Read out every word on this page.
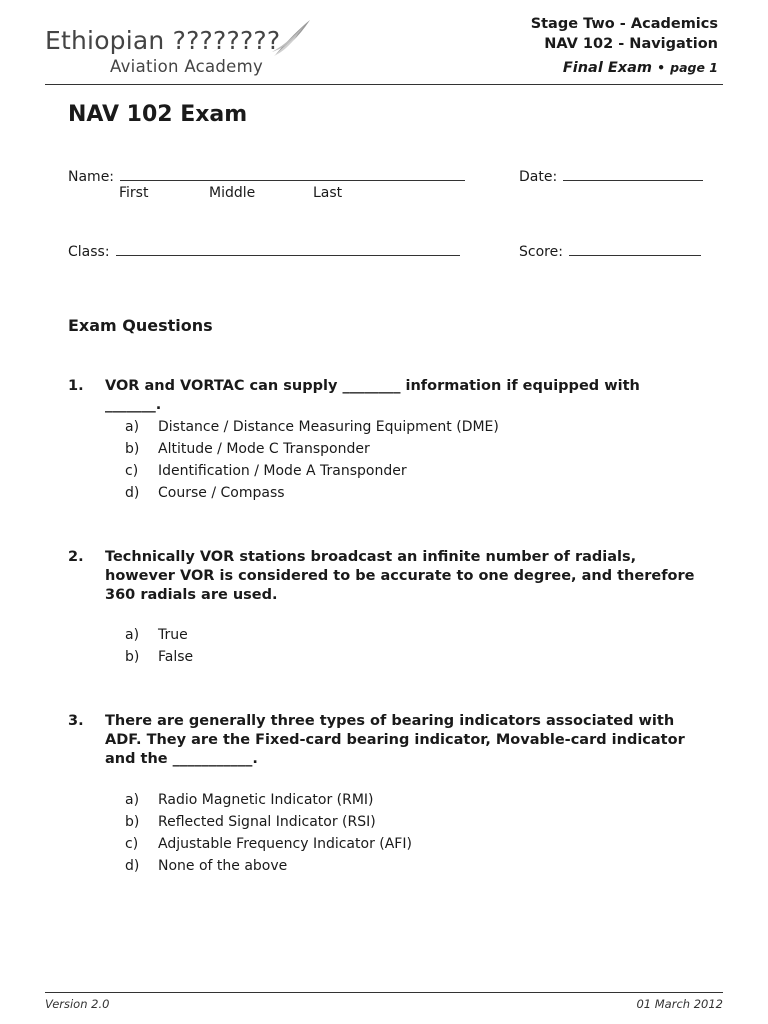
Ethiopian ????????
Aviation Academy
Stage Two - Academics
NAV 102 - Navigation
Final Exam • page 1
NAV 102 Exam
Name:
First	Middle	Last
Date:
Class:	Score:
Exam Questions
1. VOR and VORTAC can supply ________ information if equipped with _______.
a) Distance / Distance Measuring Equipment (DME)
b) Altitude / Mode C Transponder
c) Identification / Mode A Transponder
d) Course / Compass
2. Technically VOR stations broadcast an infinite number of radials, however VOR is considered to be accurate to one degree, and therefore 360 radials are used.
a) True
b) False
3. There are generally three types of bearing indicators associated with ADF. They are the Fixed-card bearing indicator, Movable-card indicator and the ___________.
a) Radio Magnetic Indicator (RMI)
b) Reflected Signal Indicator (RSI)
c) Adjustable Frequency Indicator (AFI)
d) None of the above
Version 2.0	01 March 2012
